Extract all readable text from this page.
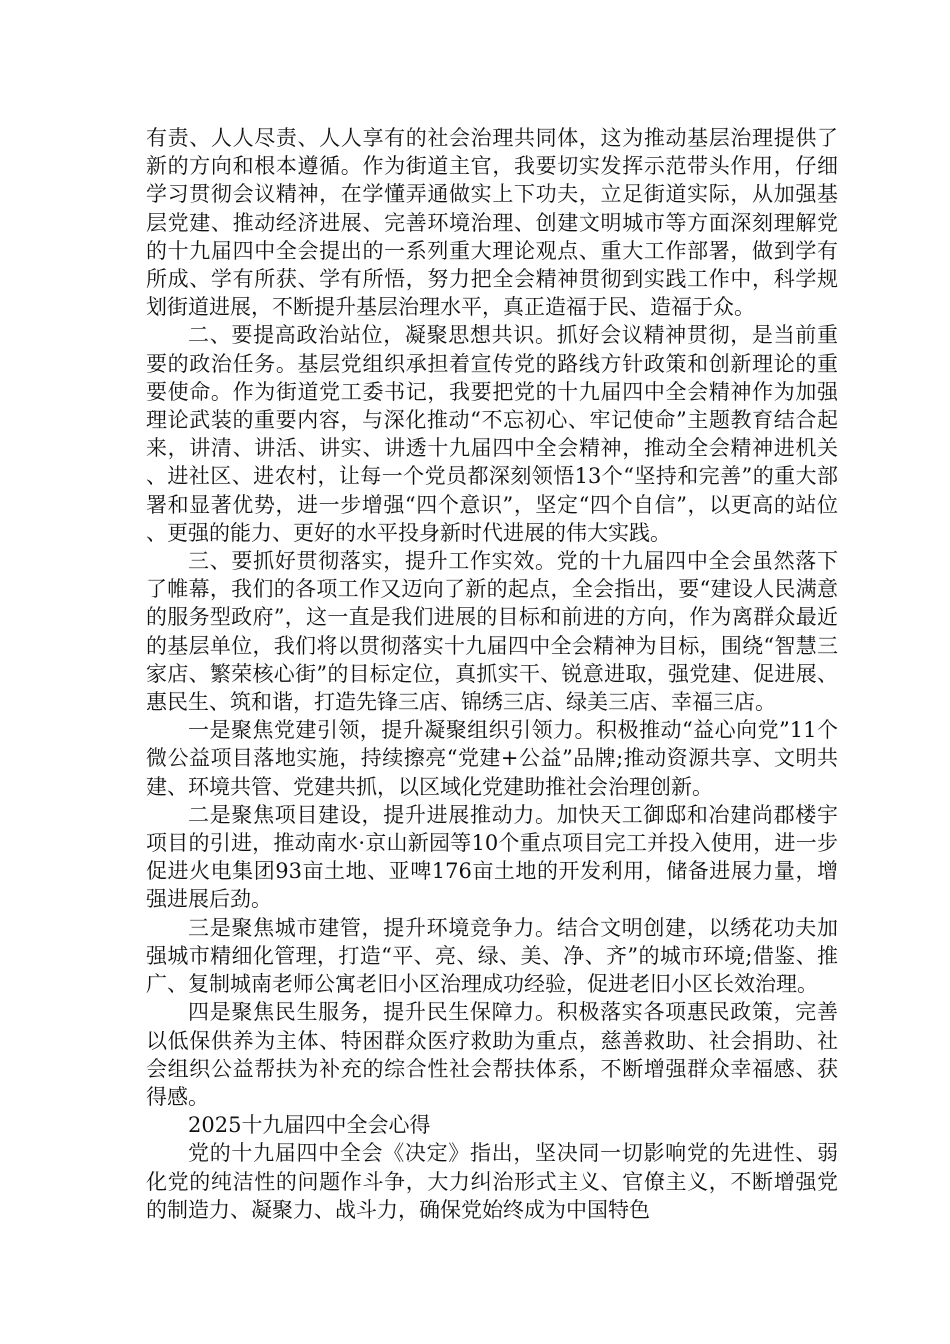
有责、人人尽责、人人享有的社会治理共同体，这为推动基层治理提供了新的方向和根本遵循。作为街道主官，我要切实发挥示范带头作用，仔细学习贯彻会议精神，在学懂弄通做实上下功夫，立足街道实际，从加强基层党建、推动经济进展、完善环境治理、创建文明城市等方面深刻理解党的十九届四中全会提出的一系列重大理论观点、重大工作部署，做到学有所成、学有所获、学有所悟，努力把全会精神贯彻到实践工作中，科学规划街道进展，不断提升基层治理水平，真正造福于民、造福于众。

二、要提高政治站位，凝聚思想共识。抓好会议精神贯彻，是当前重要的政治任务。基层党组织承担着宣传党的路线方针政策和创新理论的重要使命。作为街道党工委书记，我要把党的十九届四中全会精神作为加强理论武装的重要内容，与深化推动“不忘初心、牢记使命”主题教育结合起来，讲清、讲活、讲实、讲透十九届四中全会精神，推动全会精神进机关、进社区、进农村，让每一个党员都深刻领悟13个“坚持和完善”的重大部署和显著优势，进一步增强“四个意识”，坚定“四个自信”，以更高的站位、更强的能力、更好的水平投身新时代进展的伟大实践。

三、要抓好贯彻落实，提升工作实效。党的十九届四中全会虽然落下了帷幕，我们的各项工作又迈向了新的起点，全会指出，要“建设人民满意的服务型政府”，这一直是我们进展的目标和前进的方向，作为离群众最近的基层单位，我们将以贯彻落实十九届四中全会精神为目标，围绕“智慧三家店、繁荣核心街”的目标定位，真抓实干、锐意进取，强党建、促进展、惠民生、筑和谐，打造先锋三店、锦绣三店、绿美三店、幸福三店。

一是聚焦党建引领，提升凝聚组织引领力。积极推动“益心向党”11个微公益项目落地实施，持续擦亮“党建+公益”品牌;推动资源共享、文明共建、环境共管、党建共抓，以区域化党建助推社会治理创新。

二是聚焦项目建设，提升进展推动力。加快天工御邸和冶建尚郡楼宇项目的引进，推动南水·京山新园等10个重点项目完工并投入使用，进一步促进火电集团93亩土地、亚啤176亩土地的开发利用，储备进展力量，增强进展后劲。

三是聚焦城市建管，提升环境竞争力。结合文明创建，以绣花功夫加强城市精细化管理，打造“平、亮、绿、美、净、齐”的城市环境;借鉴、推广、复制城南老师公寓老旧小区治理成功经验，促进老旧小区长效治理。

四是聚焦民生服务，提升民生保障力。积极落实各项惠民政策，完善以低保供养为主体、特困群众医疗救助为重点，慈善救助、社会捐助、社会组织公益帮扶为补充的综合性社会帮扶体系，不断增强群众幸福感、获得感。

2025十九届四中全会心得

党的十九届四中全会《决定》指出，坚决同一切影响党的先进性、弱化党的纯洁性的问题作斗争，大力纠治形式主义、官僚主义，不断增强党的制造力、凝聚力、战斗力，确保党始终成为中国特色
